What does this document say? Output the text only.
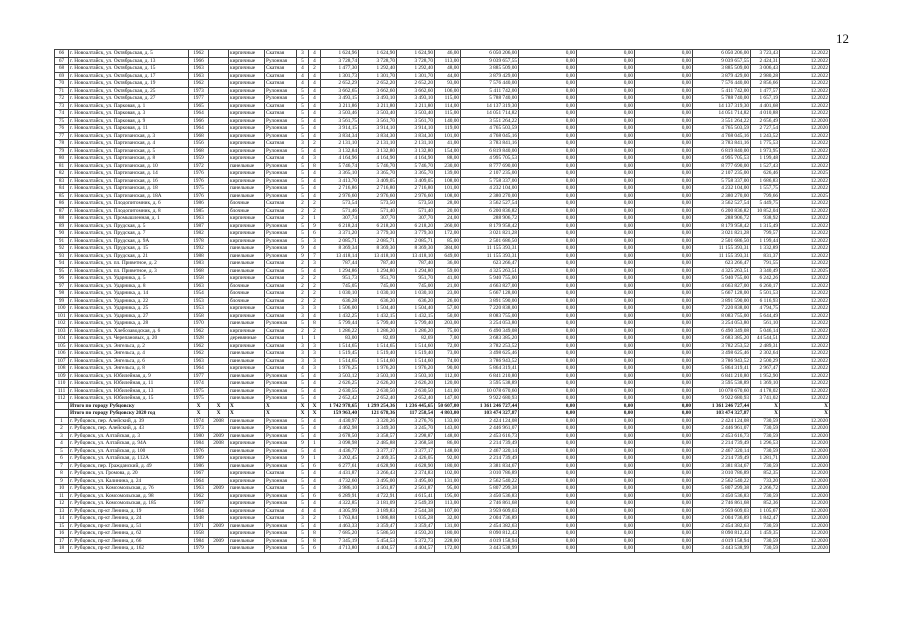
12
66	г. Новоалтайск, ул. Октябрьская, д. 5	1962		кирпичные	Скатная	3	4	1 624,96	1 624,90	1 624,90	46,00	6 050 206,00	0,00	0,00	0,00	6 050 206,00	3 723,43	12.2022
67	г. Новоалтайск, ул. Октябрьская, д. 13	1966		кирпичные	Рулонная	5	4	3 728,74	3 728,70	3 728,70	113,00	9 039 657,55	0,00	0,00	0,00	9 039 657,55	2 424,31	12.2022
68	г. Новоалтайск, ул. Октябрьская, д. 15	1963		кирпичные	Скатная	4	2	1 477,30	1 292,40	1 292,40	48,00	3 885 509,00	0,00	0,00	0,00	3 885 509,00	3 006,43	12.2022
69	г. Новоалтайск, ул. Октябрьская, д. 17	1963		кирпичные	Скатная	4	4	1 301,73	1 301,70	1 301,70	44,00	3 879 429,00	0,00	0,00	0,00	3 879 429,00	2 980,28	12.2022
70	г. Новоалтайск, ул. Октябрьская, д. 19	1962		кирпичные	Скатная	4	4	2 652,29	2 652,20	2 652,20	93,00	7 576 440,00	0,00	0,00	0,00	7 576 440,00	2 856,66	12.2022
71	г. Новоалтайск, ул. Октябрьская, д. 25	1973		кирпичные	Рулонная	5	4	3 662,65	3 662,60	3 662,60	106,00	5 411 742,00	0,00	0,00	0,00	5 411 742,00	1 477,57	12.2022
72	г. Новоалтайск, ул. Октябрьская, д. 27	1977		кирпичные	Рулонная	5	4	3 493,15	3 493,10	3 493,10	115,00	5 788 740,00	0,00	0,00	0,00	5 788 740,00	1 657,19	12.2022
73	г. Новоалтайск, ул. Парковая, д. 1	1965		кирпичные	Скатная	5	4	3 211,86	3 211,80	3 211,80	114,00	14 137 319,30	0,00	0,00	0,00	14 137 319,30	4 401,68	12.2022
74	г. Новоалтайск, ул. Парковая, д. 3	1964		кирпичные	Скатная	5	4	3 503,46	3 503,40	3 503,40	115,00	14 051 714,82	0,00	0,00	0,00	14 051 714,82	4 010,88	12.2022
75	г. Новоалтайск, ул. Парковая, д. 9	1966		кирпичные	Рулонная	5	4	3 561,75	3 561,70	3 561,70	140,00	3 551 264,22	0,00	0,00	0,00	3 551 264,22	2 656,49	12.2020
76	г. Новоалтайск, ул. Парковая, д. 11	1964		кирпичные	Рулонная	5	4	3 914,15	3 914,10	3 914,10	119,00	4 765 503,59	0,00	0,00	0,00	4 765 503,59	2 727,54	12.2020
77	г. Новоалтайск, ул. Партизанская, д. 3	1968		кирпичные	Рулонная	5	4	3 834,34	3 834,30	3 834,30	101,00	4 768 045,16	0,00	0,00	0,00	4 768 045,16	1 243,52	12.2022
78	г. Новоалтайск, ул. Партизанская, д. 4	1956		кирпичные	Скатная	3	2	2 131,10	2 131,10	2 131,10	41,00	3 783 841,16	0,00	0,00	0,00	3 783 841,16	1 775,53	12.2022
79	г. Новоалтайск, ул. Партизанская, д. 5	1968		кирпичные	Рулонная	5	4	3 132,84	3 132,80	3 132,80	154,00	6 819 840,00	0,00	0,00	0,00	6 819 840,00	1 973,95	12.2022
80	г. Новоалтайск, ул. Партизанская, д. 8	1959		кирпичные	Скатная	4	3	4 164,96	4 164,90	4 164,90	88,00	4 995 705,53	0,00	0,00	0,00	4 995 705,53	1 199,48	12.2022
81	г. Новоалтайск, ул. Партизанская, д. 10	1972		панельные	Рулонная	5	8	5 746,74	5 746,70	5 746,70	230,00	8 777 690,00	0,00	0,00	0,00	8 777 690,00	1 527,43	12.2022
82	г. Новоалтайск, ул. Партизанская, д. 14	1976		кирпичные	Рулонная	5	4	3 365,10	3 365,70	3 365,70	139,00	2 107 235,00	0,00	0,00	0,00	2 107 235,00	626,46	12.2025
83	г. Новоалтайск, ул. Партизанская, д. 16	1976		кирпичные	Рулонная	5	4	3 413,70	3 409,05	3 409,05	108,00	5 758 337,00	0,00	0,00	0,00	5 758 337,00	1 686,83	12.2022
84	г. Новоалтайск, ул. Партизанская, д. 18	1975		панельные	Рулонная	5	4	2 716,86	2 716,80	2 716,80	101,00	4 232 104,00	0,00	0,00	0,00	4 232 104,00	1 557,75	12.2022
85	г. Новоалтайск, ул. Партизанская, д. 18А	1976		панельные	Рулонная	5	4	2 976,60	2 976,60	2 976,60	108,00	2 380 270,00	0,00	0,00	0,00	2 380 270,00	799,66	12.2025
86	г. Новоалтайск, ул. Плодопитомник, д. 6	1986		блочные	Скатная	2	2	573,54	573,50	573,50	28,00	3 562 527,54	0,00	0,00	0,00	3 562 527,54	5 449,75	12.2022
87	г. Новоалтайск, ул. Плодопитомник, д. 8	1985		блочные	Скатная	2	2	571,46	571,40	571,40	20,00	6 200 836,82	0,00	0,00	0,00	6 200 836,82	10 852,04	12.2022
88	г. Новоалтайск, ул. Промышленная, д. 1	1963		кирпичные	Скатная	2	1	307,74	307,70	307,70	24,00	288 906,72	0,00	0,00	0,00	288 906,72	938,92	12.2022
89	г. Новоалтайск, ул. Прудская, д. 5	1987		кирпичные	Рулонная	5	9	6 218,24	6 218,20	6 218,20	260,00	8 179 958,42	0,00	0,00	0,00	8 179 958,42	1 315,49	12.2022
90	г. Новоалтайск, ул. Прудская, д. 7	1982		кирпичные	Рулонная	5	6	3 371,20	3 779,30	3 779,30	172,00	3 021 821,28	0,00	0,00	0,00	3 021 821,28	799,57	12.2022
91	г. Новоалтайск, ул. Прудская, д. 9А	1978		кирпичные	Рулонная	5	3	2 085,71	2 085,71	2 085,71	85,00	2 501 686,50	0,00	0,00	0,00	2 501 686,50	1 199,44	12.2022
92	г. Новоалтайск, ул. Прудская, д. 15	1992		панельные	Рулонная	9	4	8 369,34	8 369,30	8 369,30	384,00	11 155 393,31	0,00	0,00	0,00	11 155 393,31	1 332,89	12.2022
93	г. Новоалтайск, ул. Прудская, д. 21	1988		панельные	Рулонная	9	7	13 418,14	13 418,10	13 418,10	649,00	11 155 393,31	0,00	0,00	0,00	11 155 393,31	831,37	12.2022
94	г. Новоалтайск, ул. пл. Приветное, д. 2	1983		панельные	Скатная	2	3	787,44	787,40	787,40	36,00	623 266,47	0,00	0,00	0,00	623 266,47	791,55	12.2022
95	г. Новоалтайск, ул. пл. Приветное, д. 3	1968		панельные	Скатная	5	4	1 294,86	1 294,80	1 294,80	59,00	4 325 263,51	0,00	0,00	0,00	4 325 263,51	3 340,49	12.2025
96	г. Новоалтайск, ул. Ударника, д. 5	1958		кирпичные	Скатная	2	2	951,73	951,70	951,70	41,00	5 940 755,00	0,00	0,00	0,00	5 940 755,00	6 242,26	12.2022
97	г. Новоалтайск, ул. Ударника, д. 8	1963		блочные	Скатная	2	2	745,05	745,00	745,00	21,00	4 663 827,00	0,00	0,00	0,00	4 663 827,00	6 260,17	12.2022
98	г. Новоалтайск, ул. Ударника, д. 14	1954		блочные	Скатная	2	2	1 030,10	1 030,10	1 030,10	23,00	5 667 128,00	0,00	0,00	0,00	5 667 128,00	5 501,53	12.2022
99	г. Новоалтайск, ул. Ударника, д. 22	1953		блочные	Скатная	2	2	636,28	636,20	636,20	26,00	3 891 590,00	0,00	0,00	0,00	3 891 590,00	6 116,93	12.2022
100	г. Новоалтайск, ул. Ударника, д. 25	1953		кирпичные	Скатная	3	3	1 506,00	1 504,40	1 504,40	57,00	7 220 838,00	0,00	0,00	0,00	7 220 838,00	4 794,75	12.2022
101	г. Новоалтайск, ул. Ударника, д. 27	1958		кирпичные	Скатная	3	4	1 432,25	1 432,15	1 432,15	50,00	8 083 755,00	0,00	0,00	0,00	8 083 755,00	5 644,49	12.2022
102	г. Новоалтайск, ул. Ударника, д. 28	1970		панельные	Рулонная	5	8	5 799,44	5 799,40	5 799,40	203,00	3 254 053,80	0,00	0,00	0,00	3 254 053,80	561,10	12.2022
103	г. Новоалтайск, ул. Хлебозаводская, д. 6	1962		кирпичные	Скатная	2	2	1 286,22	1 286,20	1 286,20	75,00	6 490 349,08	0,00	0,00	0,00	6 490 349,08	5 046,14	12.2022
104	г. Новоалтайск, ул. Черепановых, д. 20	1928		деревянные	Скатная	1	1	83,00	82,69	82,69	7,00	3 683 385,20	0,00	0,00	0,00	3 683 385,20	44 544,51	12.2022
105	г. Новоалтайск, ул. Энгельса, д. 2	1962		кирпичные	Скатная	3	3	1 514,65	1 514,65	1 514,60	72,00	3 782 253,52	0,00	0,00	0,00	3 782 253,52	2 489,31	12.2022
106	г. Новоалтайск, ул. Энгельса, д. 4	1962		панельные	Скатная	3	3	1 519,45	1 519,40	1 519,40	73,00	3 498 625,46	0,00	0,00	0,00	3 498 625,46	2 302,64	12.2022
107	г. Новоалтайск, ул. Энгельса, д. 6	1963		панельные	Скатная	3	3	1 514,65	1 514,60	1 514,60	74,00	3 786 943,52	0,00	0,00	0,00	3 786 943,52	2 500,29	12.2022
108	г. Новоалтайск, ул. Энгельса, д. 8	1964		кирпичные	Скатная	4	3	1 976,25	1 976,20	1 976,20	90,00	5 864 319,41	0,00	0,00	0,00	5 864 319,41	2 967,47	12.2022
109	г. Новоалтайск, ул. Юбилейная, д. 9	1977		панельные	Рулонная	5	4	3 503,12	3 503,10	3 503,10	112,00	6 841 210,80	0,00	0,00	0,00	6 841 210,80	1 952,90	12.2022
110	г. Новоалтайск, ул. Юбилейная, д. 11	1974		панельные	Рулонная	5	4	2 626,25	2 626,20	2 626,20	120,00	3 595 538,89	0,00	0,00	0,00	3 595 538,89	1 369,10	12.2022
111	г. Новоалтайск, ул. Юбилейная, д. 13	1975		панельные	Рулонная	5	4	2 630,55	2 630,50	2 630,50	141,00	10 078 670,60	0,00	0,00	0,00	10 078 670,60	4 178,02	12.2022
112	г. Новоалтайск, ул. Юбилейная, д. 15	1975		панельные	Рулонная	5	4	2 652,42	2 652,40	2 652,40	147,00	9 922 680,93	0,00	0,00	0,00	9 922 680,93	3 741,02	12.2022
	Итого по городу Рубцовску	X	X	X	X	X	X	1 742 978,65	1 299 254,36	1 236 445,65	50 607,00	1 361 246 727,44	0,00	0,00	0,00	1 361 246 727,44	X	X
	Итого по городу Рубцовску 2020 год	X	X	X	X	X	X	159 963,40	121 678,36	117 258,54	4 803,00	103 474 327,87	0,00	0,00	0,00	103 474 327,87	X	X
1	г. Рубцовск, пер. Алейский, д. 39	1974	2008	панельные	Рулонная	5	4	4 430,97	3 320,26	3 276,76	133,00	2 424 124,08	0,00	0,00	0,00	2 424 124,08	730,59	12.2020
2	г. Рубцовск, пер. Алейский, д. 43	1973		панельные	Рулонная	5	4	4 462,98	3 349,30	3 245,70	143,00	2 446 961,07	0,00	0,00	0,00	2 446 961,07	730,59	12.2020
3	г. Рубцовск, ул. Алтайская, д. 3	1980	2009	панельные	Рулонная	5	4	3 678,50	3 358,57	3 298,87	148,00	2 453 616,73	0,00	0,00	0,00	2 453 616,73	730,59	12.2020
4	г. Рубцовск, ул. Алтайская, д. 94А	1984	2008	кирпичные	Рулонная	9	1	3 098,98	2 485,88	2 368,58	86,00	2 214 739,49	0,00	0,00	0,00	2 214 739,49	1 296,53	12.2020
5	г. Рубцовск, ул. Алтайская, д. 100	1976		панельные	Рулонная	5	4	4 436,77	3 377,17	3 377,17	148,00	2 467 320,14	0,00	0,00	0,00	2 467 320,14	730,59	12.2020
6	г. Рубцовск, ул. Алтайская, д. 112А	1989		кирпичные	Рулонная	9	1	3 202,45	2 469,35	2 426,05	92,00	2 214 739,49	0,00	0,00	0,00	2 214 739,49	1 281,71	12.2020
7	г. Рубцовск, пер. Гражданский, д. 49	1986		панельные	Рулонная	5	6	6 277,61	4 628,90	4 628,90	180,00	3 381 834,67	0,00	0,00	0,00	3 381 834,67	730,59	12.2020
8	г. Рубцовск, ул. Громова, д. 20	1967		кирпичные	Скатная	5	4	4 431,87	3 266,43	2 374,83	102,00	3 010 786,89	0,00	0,00	0,00	3 010 786,89	852,35	12.2020
9	г. Рубцовск, ул. Калинина, д. 24	1964		кирпичные	Рулонная	5	4	4 732,60	3 495,00	3 495,00	131,00	2 562 540,22	0,00	0,00	0,00	2 562 540,22	733,20	12.2020
10	г. Рубцовск, ул. Комсомольская, д. 76	1963	2009	панельные	Скатная	5	4	3 986,10	3 561,87	2 561,87	95,00	5 807 299,38	0,00	0,00	0,00	5 807 299,38	2 266,72	12.2020
11	г. Рубцовск, ул. Комсомольская, д. 98	1962		кирпичные	Рулонная	5	6	6 289,91	4 722,91	4 615,41	195,00	3 450 536,83	0,00	0,00	0,00	3 450 536,83	730,59	12.2020
12	г. Рубцовск, ул. Комсомольская, д. 185	1967		кирпичные	Рулонная	5	4	4 322,85	3 181,09	2 549,39	113,00	2 746 861,68	0,00	0,00	0,00	2 746 861,68	852,36	12.2020
13	г. Рубцовск, пр-кт Ленина, д. 19	1964		кирпичные	Скатная	4	4	4 305,99	3 189,83	2 544,38	107,00	3 959 609,03	0,00	0,00	0,00	3 959 609,03	1 105,67	12.2020
14	г. Рубцовск, пр-кт Ленина, д. 24	1948		кирпичные	Скатная	3	2	1 763,84	1 086,88	1 035,28	32,00	2 004 736,89	0,00	0,00	0,00	2 004 736,89	1 842,47	12.2020
15	г. Рубцовск, пр-кт Ленина, д. 51	1971	2009	панельные	Рулонная	5	4	4 463,33	3 359,47	3 359,47	131,00	2 454 382,63	0,00	0,00	0,00	2 454 382,63	730,59	12.2020
16	г. Рубцовск, пр-кт Ленина, д. 62	1958		кирпичные	Рулонная	5	8	7 685,20	5 586,50	4 593,20	180,00	8 090 812,43	0,00	0,00	0,00	8 090 812,43	1 459,35	12.2020
17	г. Рубцовск, пр-кт Ленина, д. 66	1984	2009	панельные	Рулонная	5	8	7 345,19	5 454,53	5 372,73	228,00	4 019 158,94	0,00	0,00	0,00	4 019 158,94	730,59	12.2020
18	г. Рубцовск, пр-кт Ленина, д. 162	1979		панельные	Рулонная	5	6	4 713,80	4 404,57	4 404,57	172,00	3 443 538,99	0,00	0,00	0,00	3 443 538,99	730,59	12.2020
